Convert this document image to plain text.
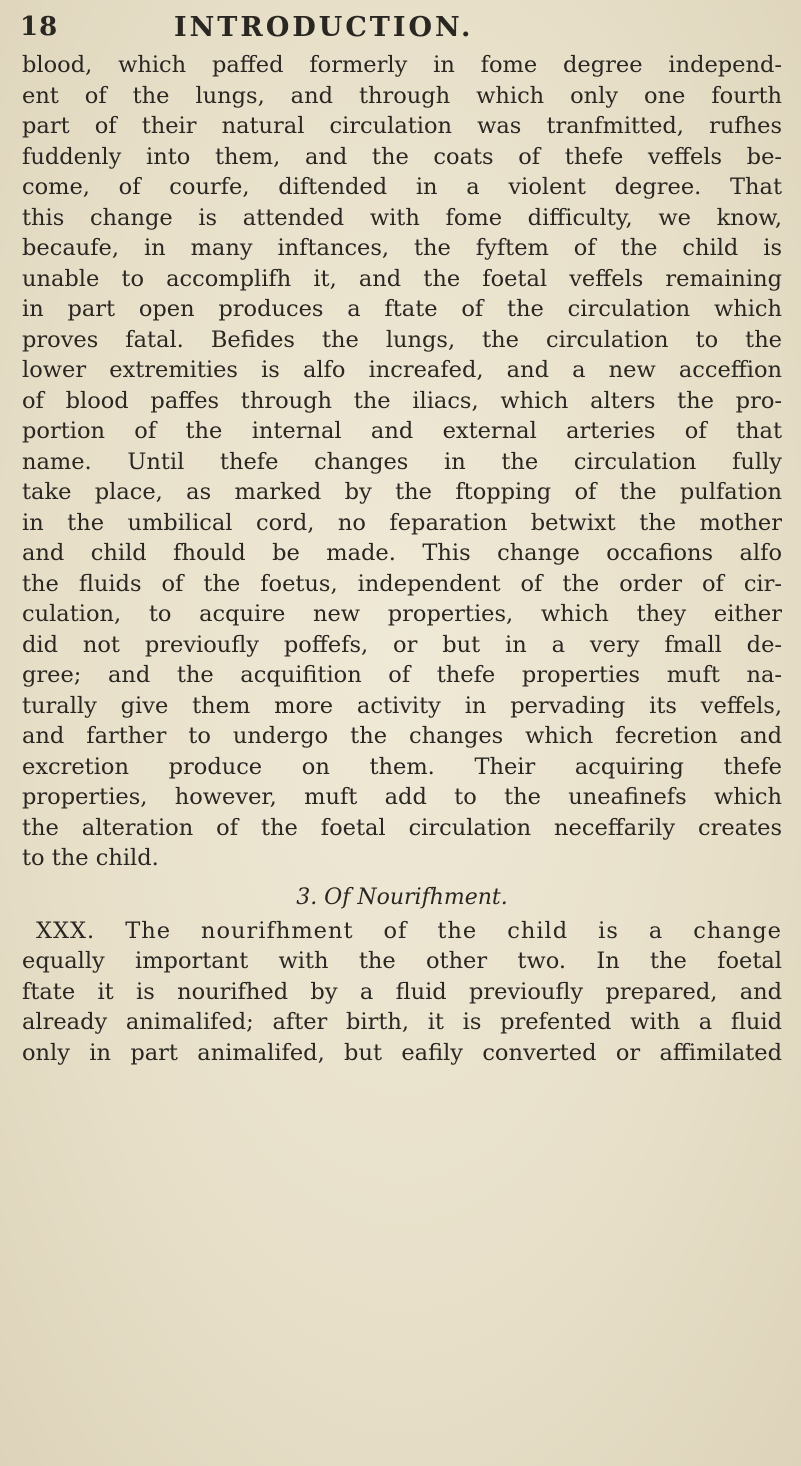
18	INTRODUCTION.
blood, which paffed formerly in fome degree independ-
ent of the lungs, and through which only one fourth
part of their natural circulation was tranfmitted, rufhes
fuddenly into them, and the coats of thefe veffels be-
come, of courfe, diftended in a violent degree. That
this change is attended with fome difficulty, we know,
becaufe, in many inftances, the fyftem of the child is
unable to accomplifh it, and the foetal veffels remaining
in part open produces a ftate of the circulation which
proves fatal. Befides the lungs, the circulation to the
lower extremities is alfo increafed, and a new acceffion
of blood paffes through the iliacs, which alters the pro-
portion of the internal and external arteries of that
name. Until thefe changes in the circulation fully
take place, as marked by the ftopping of the pulfation
in the umbilical cord, no feparation betwixt the mother
and child fhould be made. This change occafions alfo
the fluids of the foetus, independent of the order of cir-
culation, to acquire new properties, which they either
did not previoufly poffefs, or but in a very fmall de-
gree; and the acquifition of thefe properties muft na-
turally give them more activity in pervading its veffels,
and farther to undergo the changes which fecretion and
excretion produce on them. Their acquiring thefe
properties, however, muft add to the uneafinefs which
the alteration of the foetal circulation neceffarily creates
to the child.
3. Of Nourifhment.
XXX. The nourifhment of the child is a change
equally important with the other two. In the foetal
ftate it is nourifhed by a fluid previoufly prepared, and
already animalifed; after birth, it is prefented with a fluid
only in part animalifed, but eafily converted or affimilated
